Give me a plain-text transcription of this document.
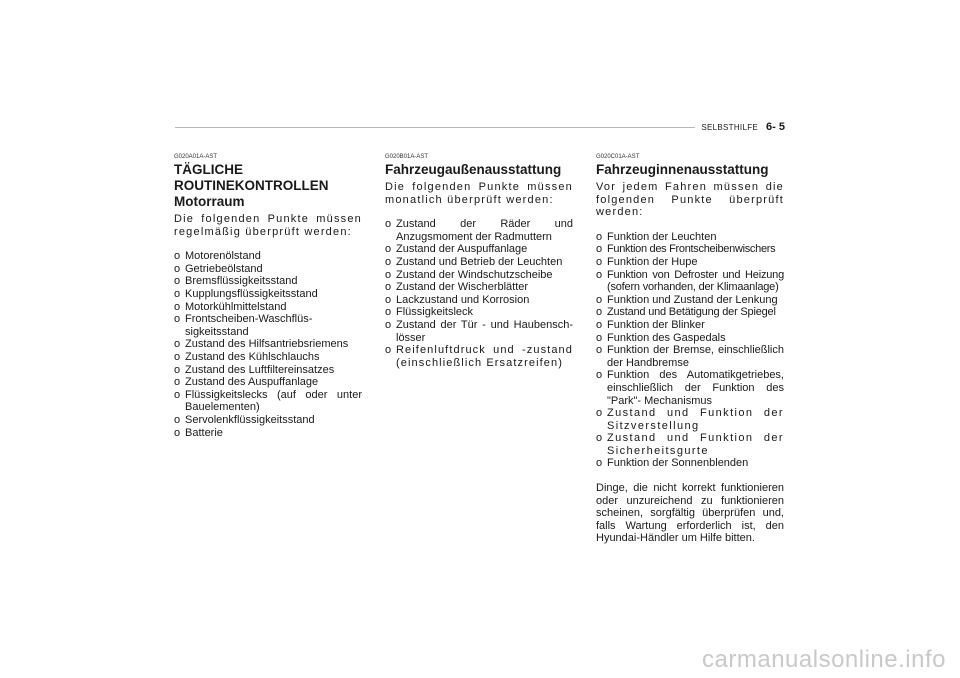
SELBSTHILFE 6- 5
G020A01A-AST
TÄGLICHE
ROUTINEKONTROLLEN
Motorraum

Die folgenden Punkte müssen regelmäßig überprüft werden:

o Motorenölstand
o Getriebeölstand
o Bremsflüssigkeitsstand
o Kupplungsflüssigkeitsstand
o Motorkühlmittelstand
o Frontscheiben-Waschflüs-sigkeitsstand
o Zustand des Hilfsantriebsriemens
o Zustand des Kühlschlauchs
o Zustand des Luftfiltereinsatzes
o Zustand des Auspuffanlage
o Flüssigkeitslecks (auf oder unter Bauelementen)
o Servolenkflüssigkeitsstand
o Batterie
G020B01A-AST
Fahrzeugaußenausstattung

Die folgenden Punkte müssen monatlich überprüft werden:

o Zustand der Räder und Anzugsmoment der Radmuttern
o Zustand der Auspuffanlage
o Zustand und Betrieb der Leuchten
o Zustand der Windschutzscheibe
o Zustand der Wischerblätter
o Lackzustand und Korrosion
o Flüssigkeitsleck
o Zustand der Tür - und Haubensch-lösser
o Reifenluftdruck und -zustand (einschließlich Ersatzreifen)
G020C01A-AST
Fahrzeuginnenausstattung

Vor jedem Fahren müssen die folgenden Punkte überprüft werden:

o Funktion der Leuchten
o Funktion des Frontscheibenwischers
o Funktion der Hupe
o Funktion von Defroster und Heizung (sofern vorhanden, der Klimaanlage)
o Funktion und Zustand der Lenkung
o Zustand und Betätigung der Spiegel
o Funktion der Blinker
o Funktion des Gaspedals
o Funktion der Bremse, einschließlich der Handbremse
o Funktion des Automatikgetriebes, einschließlich der Funktion des "Park"- Mechanismus
o Zustand und Funktion der Sitzverstellung
o Zustand und Funktion der Sicherheitsgurte
o Funktion der Sonnenblenden

Dinge, die nicht korrekt funktionieren oder unzureichend zu funktionieren scheinen, sorgfältig überprüfen und, falls Wartung erforderlich ist, den Hyundai-Händler um Hilfe bitten.

carmanualsonline.info
